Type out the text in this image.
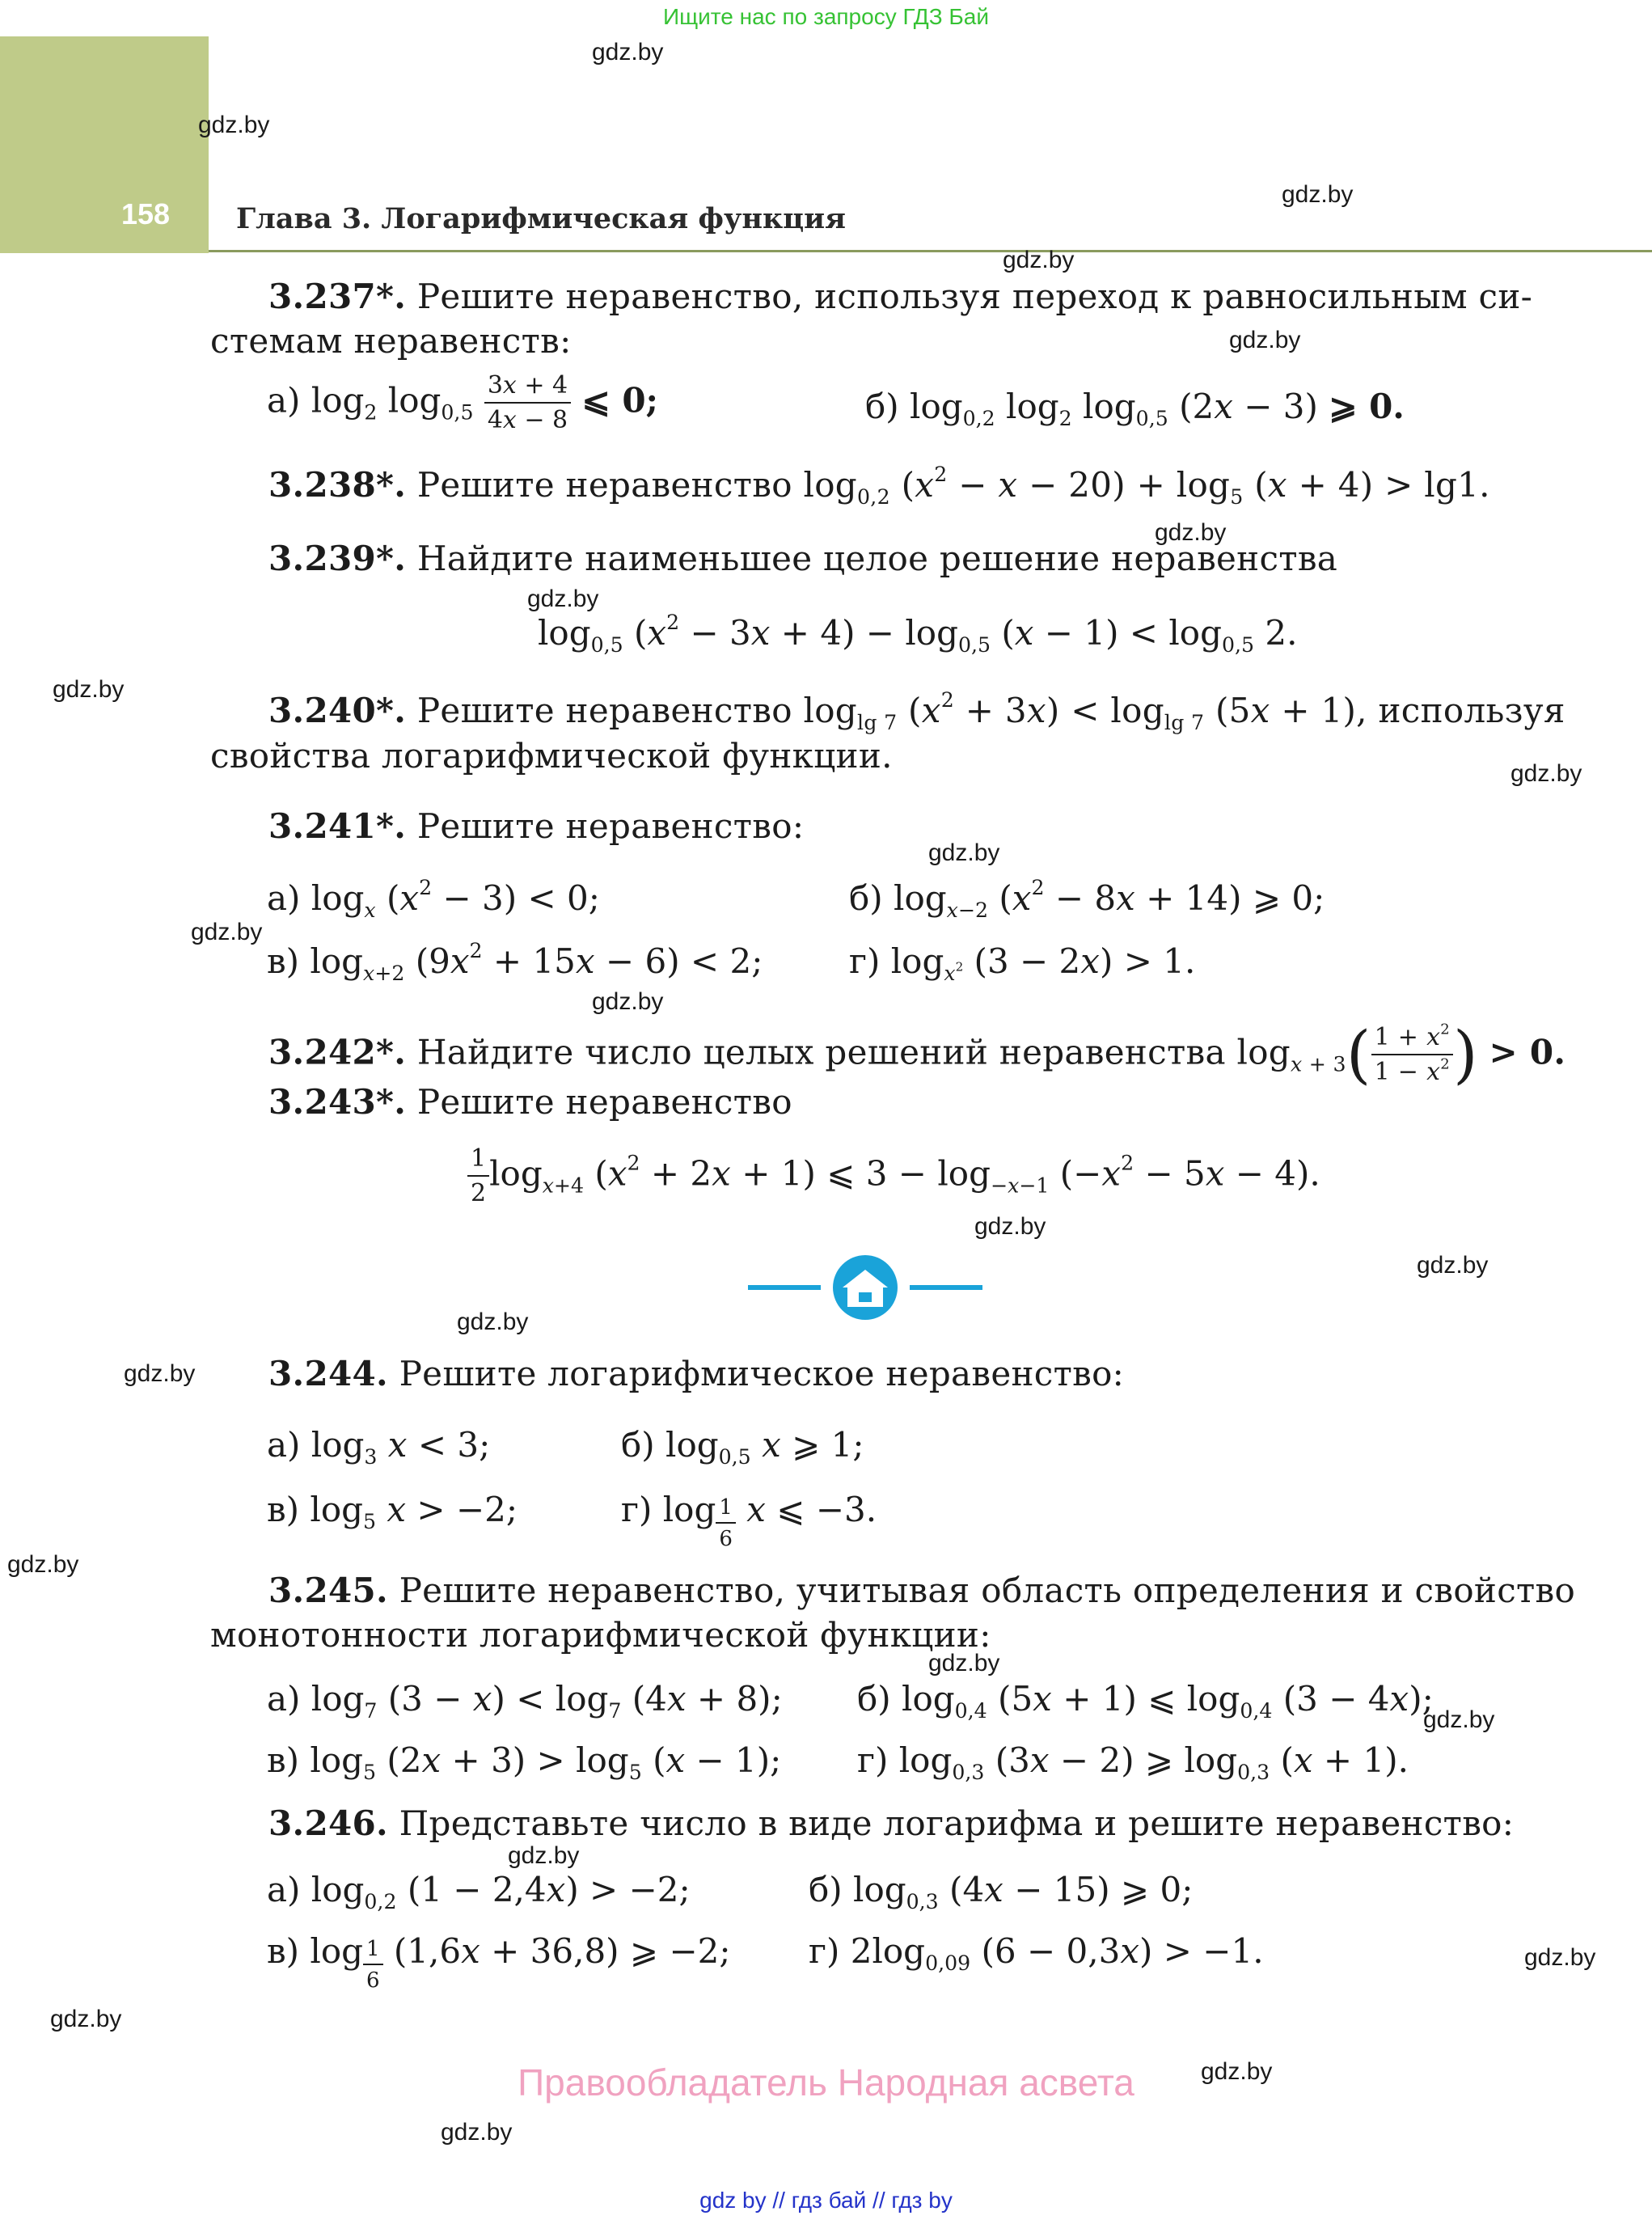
Ищите нас по запросу ГДЗ Бай
158 Глава 3. Логарифмическая функция
gdz.by
gdz.by
gdz.by
gdz.by
gdz.by
gdz.by
gdz.by
gdz.by
gdz.by
gdz.by
gdz.by
gdz.by
gdz.by
gdz.by
gdz.by
gdz.by
gdz.by
gdz.by
gdz.by
gdz.by
gdz.by
gdz.by
gdz.by
gdz.by
3.237*. Решите неравенство, используя переход к равносильным си-
стемам неравенств:
а) $\log_2 \log_{0,5} \frac{3x + 4}{4x - 8}$ ⩽ 0;	б) $\log_{0,2} \log_2 \log_{0,5} (2x - 3)$ ⩾ 0.
3.238*. Решите неравенство $\log_{0,2} (x^2 - x - 20) + \log_5 (x + 4) > \lg 1$.
3.239*. Найдите наименьшее целое решение неравенства
$\log_{0,5} (x^2 - 3x + 4) - \log_{0,5} (x - 1) < \log_{0,5} 2$.
3.240*. Решите неравенство $\log_{lg 7} (x^2 + 3x) < \log_{lg 7} (5x + 1)$, используя
свойства логарифмической функции.
3.241*. Решите неравенство:
а) $\log_x (x^2 - 3) < 0$;	б) $\log_{x-2} (x^2 - 8x + 14)$ ⩾ 0;
в) $\log_{x+2} (9x^2 + 15x - 6) < 2$;	г) $\log_{x^2} (3 - 2x) > 1$.
3.242*. Найдите число целых решений неравенства $\log_{x + 3}( \frac{1 + x^2}{1 - x^2}$ ) > 0.
3.243*. Решите неравенство
$\frac{1}{2} \log_{x+4} (x^2 + 2x + 1)$ ⩽ $3 - \log_{-x-1} (-x^2 - 5x - 4)$.
3.244. Решите логарифмическое неравенство:
а) $\log_3 x < 3$;	б) $\log_{0,5} x$ ⩾ 1;
в) $\log_5 x > -2$;	г) $\log \frac{1}{6}$ x ⩽ −3.
3.245. Решите неравенство, учитывая область определения и свойство
монотонности логарифмической функции:
а) $\log_7 (3 - x) < \log_7 (4x + 8)$; б) $\log_{0,4} (5x + 1)$ ⩽ $\log_{0,4} (3 - 4x)$;
в) $\log_5 (2x + 3) > \log_5 (x - 1)$; г) $\log_{0,3} (3x - 2)$ ⩾ $\log_{0,3} (x + 1)$.
3.246. Представьте число в виде логарифма и решите неравенство:
а) $\log_{0,2} (1 - 2,4x) > -2$;	б) $\log_{0,3} (4x - 15)$ ⩾ 0;
в) $\log \frac{1}{6} (1,6x + 36,8)$ ⩾ −2; г) $2\log_{0,09}$ (6 − 0,3x) > −1.
Правообладатель Народная асвета
gdz by // гдз бай // гдз by
